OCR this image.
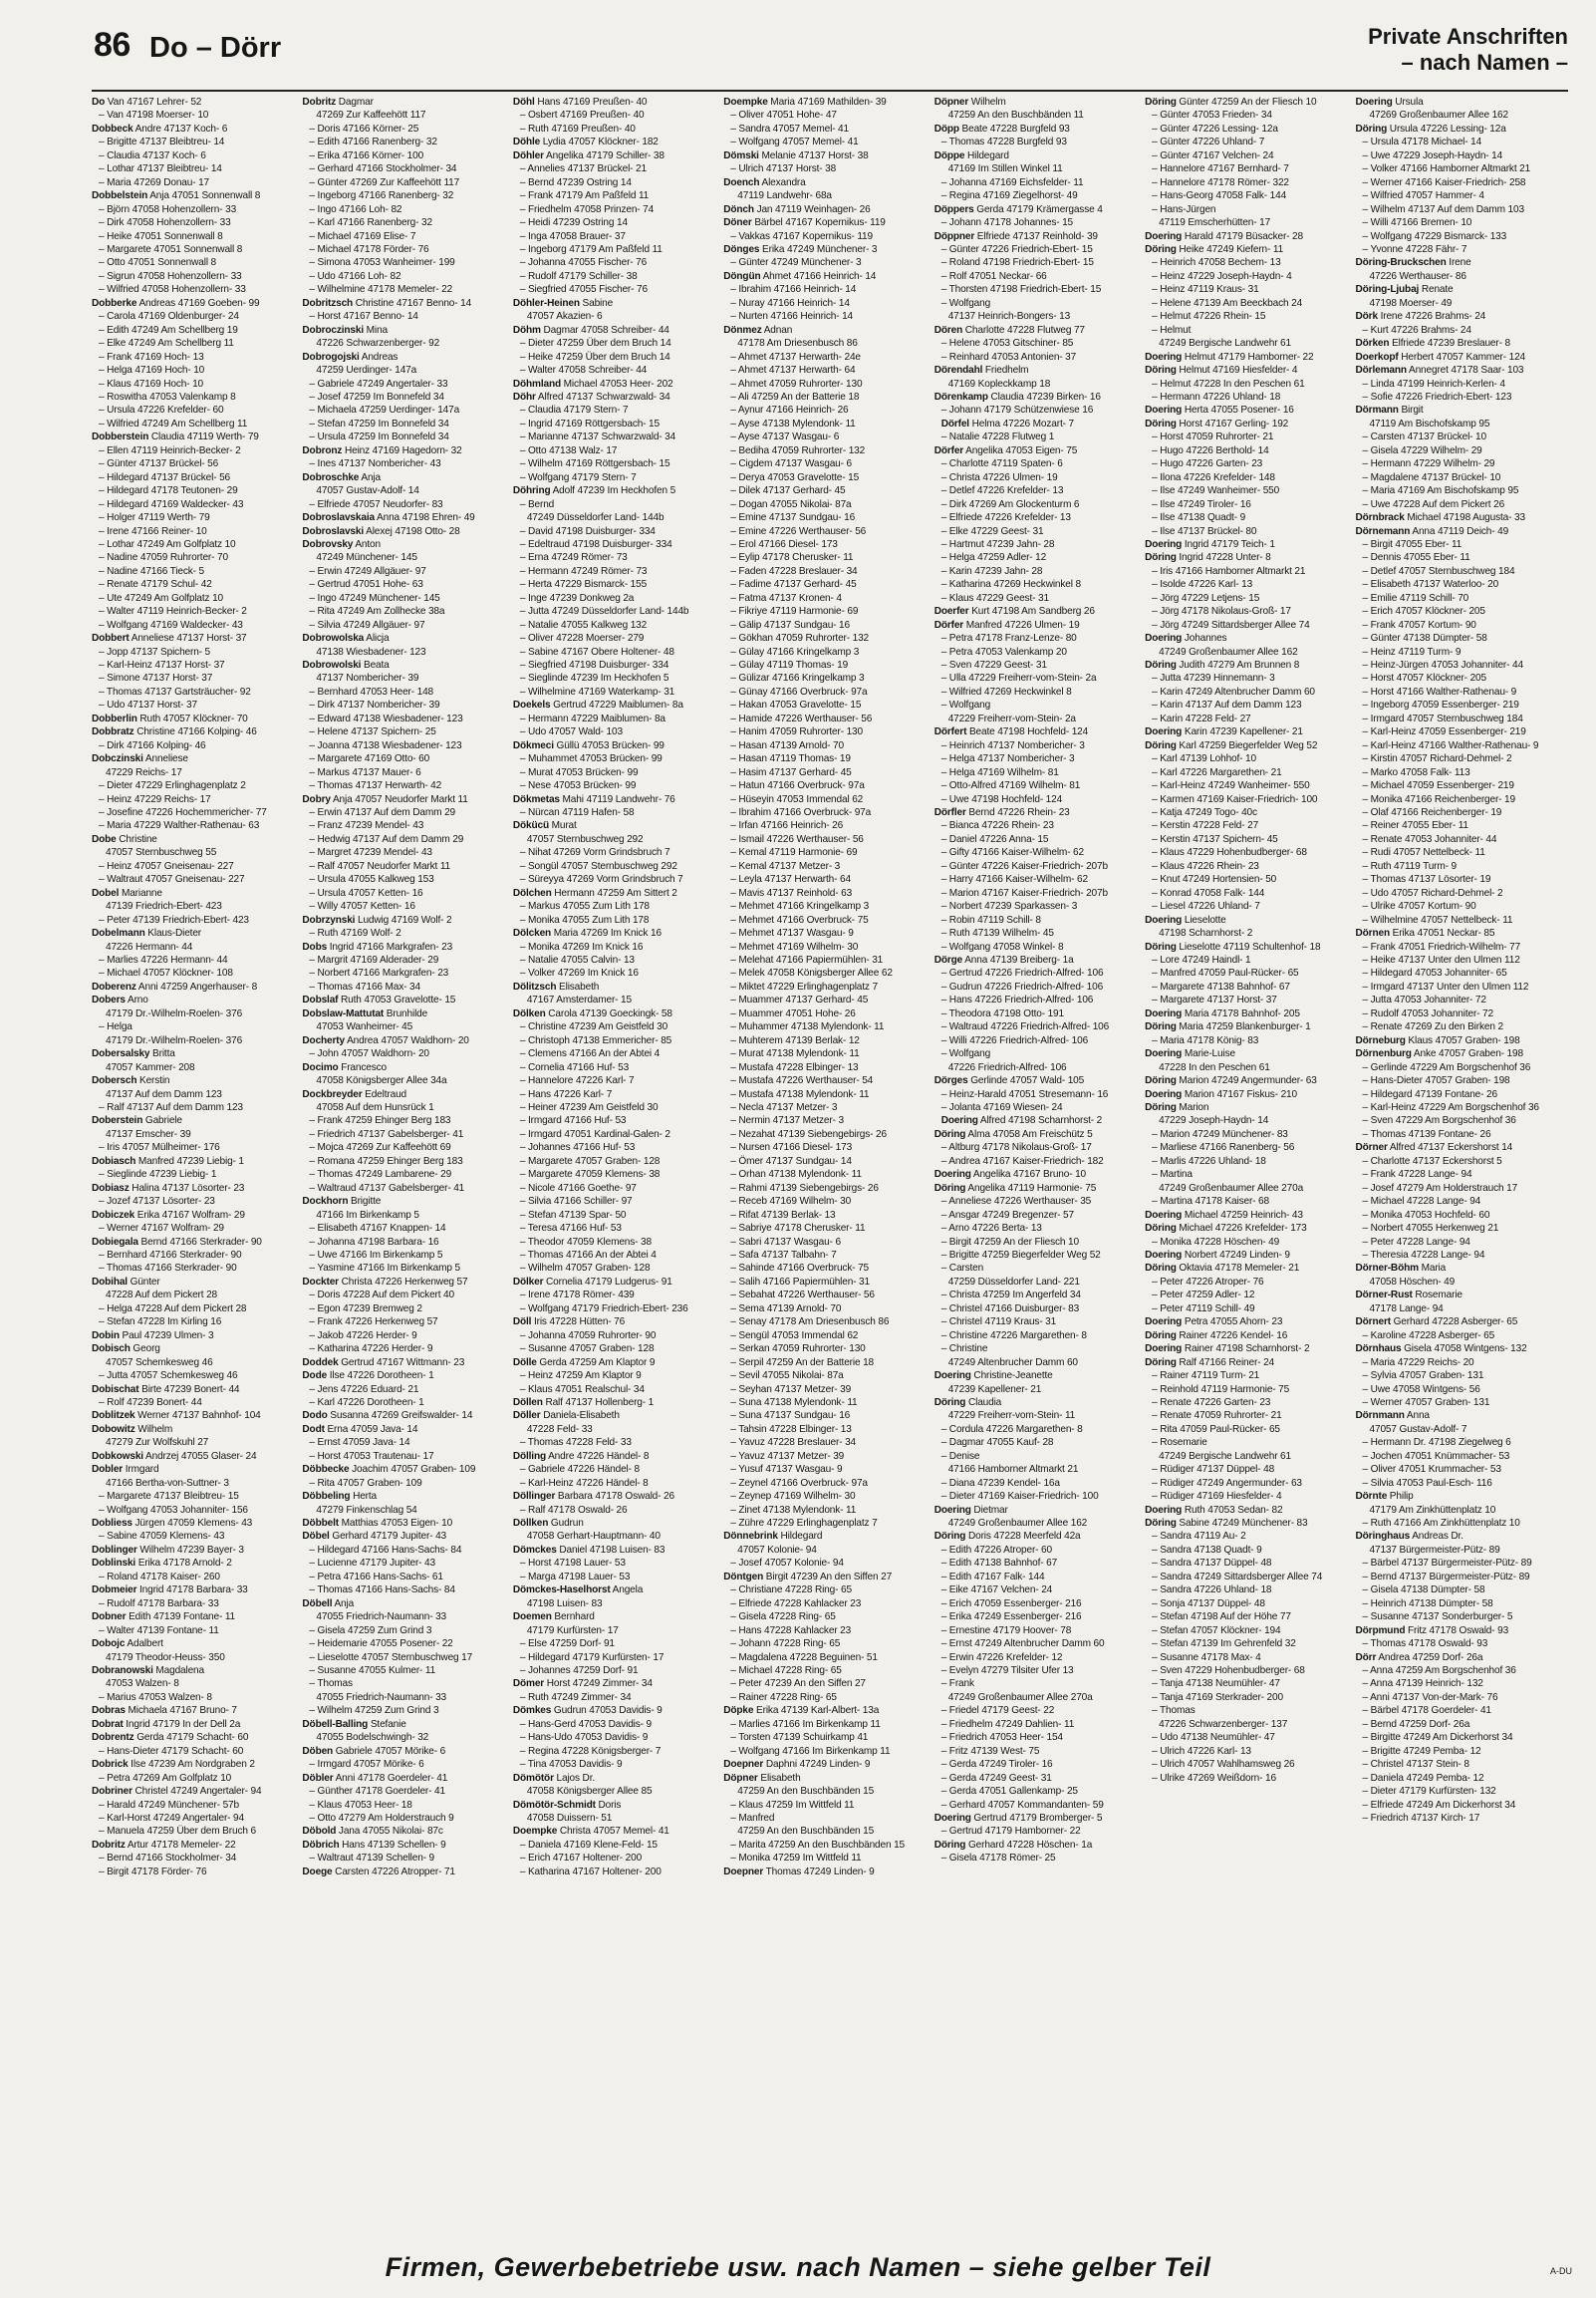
86 Do – Dörr	Private Anschriften
– nach Namen –
Do Van 47167 Lehrer- 52
– Van 47198 Moerser- 10
Dobbeck Andre 47137 Koch- 6
– Brigitte 47137 Bleibtreu- 14
– Claudia 47137 Koch- 6
– Lothar 47137 Bleibtreu- 14
– Maria 47269 Donau- 17
Dobbelstein Anja 47051 Sonnenwall 8
– Björn 47058 Hohenzollern- 33
– Dirk 47058 Hohenzollern- 33
– Heike 47051 Sonnenwall 8
– Margarete 47051 Sonnenwall 8
– Otto 47051 Sonnenwall 8
– Sigrun 47058 Hohenzollern- 33
– Wilfried 47058 Hohenzollern- 33
Dobberke Andreas 47169 Goeben- 99
– Carola 47169 Oldenburger- 24
– Edith 47249 Am Schellberg 19
– Elke 47249 Am Schellberg 11
– Frank 47169 Hoch- 13
– Helga 47169 Hoch- 10
– Klaus 47169 Hoch- 10
– Roswitha 47053 Valenkamp 8
– Ursula 47226 Krefelder- 60
– Wilfried 47249 Am Schellberg 11
Dobberstein Claudia 47119 Werth- 79
– Ellen 47119 Heinrich-Becker- 2
– Günter 47137 Brückel- 56
– Hildegard 47137 Brückel- 56
– Hildegard 47178 Teutonen- 29
– Hildegard 47169 Waldecker- 43
– Holger 47119 Werth- 79
– Irene 47166 Reiner- 10
– Lothar 47249 Am Golfplatz 10
– Nadine 47059 Ruhrorter- 70
– Nadine 47166 Tieck- 5
– Renate 47179 Schul- 42
– Ute 47249 Am Golfplatz 10
– Walter 47119 Heinrich-Becker- 2
– Wolfgang 47169 Waldecker- 43
Dobbert Anneliese 47137 Horst- 37
– Jopp 47137 Spichern- 5
– Karl-Heinz 47137 Horst- 37
– Simone 47137 Horst- 37
– Thomas 47137 Gartsträucher- 92
– Udo 47137 Horst- 37
Dobberlin Ruth 47057 Klöckner- 70
Dobbratz Christine 47166 Kolping- 46
– Dirk 47166 Kolping- 46
Dobczinski Anneliese
47229 Reichs- 17
– Dieter 47229 Erlinghagenplatz 2
– Heinz 47229 Reichs- 17
– Josefine 47226 Hochemmericher- 77
– Maria 47229 Walther-Rathenau- 63
Dobe Christine
47057 Sternbuschweg 55
– Heinz 47057 Gneisenau- 227
– Waltraut 47057 Gneisenau- 227
Dobel Marianne
47139 Friedrich-Ebert- 423
– Peter 47139 Friedrich-Ebert- 423
Dobelmann Klaus-Dieter
47226 Hermann- 44
– Marlies 47226 Hermann- 44
– Michael 47057 Klöckner- 108
Doberenz Anni 47259 Angerhauser- 8
Dobers Arno
47179 Dr.-Wilhelm-Roelen- 376
– Helga
47179 Dr.-Wilhelm-Roelen- 376
Dobersalsky Britta
47057 Kammer- 208
Dobersch Kerstin
47137 Auf dem Damm 123
– Ralf 47137 Auf dem Damm 123
Doberstein Gabriele
47137 Emscher- 39
– Iris 47057 Mülheimer- 176
Dobiasch Manfred 47239 Liebig- 1
– Sieglinde 47239 Liebig- 1
Dobiasz Halina 47137 Lösorter- 23
– Jozef 47137 Lösorter- 23
Dobiczek Erika 47167 Wolfram- 29
– Werner 47167 Wolfram- 29
Dobiegala Bernd 47166 Sterkrader- 90
– Bernhard 47166 Sterkrader- 90
– Thomas 47166 Sterkrader- 90
Dobihal Günter
47228 Auf dem Pickert 28
– Helga 47228 Auf dem Pickert 28
– Stefan 47228 Im Kirling 16
Dobin Paul 47239 Ulmen- 3
Dobisch Georg
47057 Schemkesweg 46
– Jutta 47057 Schemkesweg 46
Dobischat Birte 47239 Bonert- 44
– Rolf 47239 Bonert- 44
Doblitzek Werner 47137 Bahnhof- 104
Dobowitz Wilhelm
47279 Zur Wolfskuhl 27
Dobkowski Andrzej 47055 Glaser- 24
Dobler Irmgard
47166 Bertha-von-Suttner- 3
– Margarete 47137 Bleibtreu- 15
– Wolfgang 47053 Johanniter- 156
Dobliess Jürgen 47059 Klemens- 43
– Sabine 47059 Klemens- 43
Doblinger Wilhelm 47239 Bayer- 3
Doblinski Erika 47178 Arnold- 2
– Roland 47178 Kaiser- 260
Dobmeier Ingrid 47178 Barbara- 33
– Rudolf 47178 Barbara- 33
Dobner Edith 47139 Fontane- 11
– Walter 47139 Fontane- 11
Dobojc Adalbert
47179 Theodor-Heuss- 350
Dobranowski Magdalena
47053 Walzen- 8
– Marius 47053 Walzen- 8
Dobras Michaela 47167 Bruno- 7
Dobrat Ingrid 47179 In der Dell 2a
Dobrentz Gerda 47179 Schacht- 60
– Hans-Dieter 47179 Schacht- 60
Dobrick Ilse 47239 Am Nordgraben 2
– Petra 47269 Am Golfplatz 10
Dobriner Christel 47249 Angertaler- 94
– Harald 47249 Münchener- 57b
– Karl-Horst 47249 Angertaler- 94
– Manuela 47259 Über dem Bruch 6
Dobritz Artur 47178 Memeler- 22
– Bernd 47166 Stockholmer- 34
– Birgit 47178 Förder- 76
Dobritz Dagmar
47269 Zur Kaffeehött 117
– Doris 47166 Körner- 25
– Edith 47166 Ranenberg- 32
– Erika 47166 Körner- 100
– Gerhard 47166 Stockholmer- 34
– Günter 47269 Zur Kaffeehött 117
– Ingeborg 47166 Ranenberg- 32
– Ingo 47166 Loh- 82
– Karl 47166 Ranenberg- 32
– Michael 47169 Elise- 7
– Michael 47178 Förder- 76
– Simona 47053 Wanheimer- 199
– Udo 47166 Loh- 82
– Wilhelmine 47178 Memeler- 22
Dobritzsch Christine 47167 Benno- 14
– Horst 47167 Benno- 14
Dobroczinski Mina
47226 Schwarzenberger- 92
Dobrogojski Andreas
47259 Uerdinger- 147a
– Gabriele 47249 Angertaler- 33
– Josef 47259 Im Bonnefeld 34
– Michaela 47259 Uerdinger- 147a
– Stefan 47259 Im Bonnefeld 34
– Ursula 47259 Im Bonnefeld 34
Dobronz Heinz 47169 Hagedorn- 32
– Ines 47137 Nombericher- 43
Dobroschke Anja
47057 Gustav-Adolf- 14
– Elfriede 47057 Neudorfer- 83
Dobroslavskaia Anna 47198 Ehren- 49
Dobroslavski Alexej 47198 Otto- 28
Dobrovsky Anton
47249 Münchener- 145
– Erwin 47249 Allgäuer- 97
– Gertrud 47051 Hohe- 63
– Ingo 47249 Münchener- 145
– Rita 47249 Am Zollhecke 38a
– Silvia 47249 Allgäuer- 97
Dobrowolska Alicja
47138 Wiesbadener- 123
Dobrowolski Beata
47137 Nombericher- 39
– Bernhard 47053 Heer- 148
– Dirk 47137 Nombericher- 39
– Edward 47138 Wiesbadener- 123
– Helene 47137 Spichern- 25
– Joanna 47138 Wiesbadener- 123
– Margarete 47169 Otto- 60
– Markus 47137 Mauer- 6
– Thomas 47137 Herwarth- 42
Dobry Anja 47057 Neudorfer Markt 11
– Erwin 47137 Auf dem Damm 29
– Franz 47239 Mendel- 43
– Hedwig 47137 Auf dem Damm 29
– Margret 47239 Mendel- 43
– Ralf 47057 Neudorfer Markt 11
– Ursula 47055 Kalkweg 153
– Ursula 47057 Ketten- 16
– Willy 47057 Ketten- 16
Dobrzynski Ludwig 47169 Wolf- 2
– Ruth 47169 Wolf- 2
Dobs Ingrid 47166 Markgrafen- 23
– Margrit 47169 Alderader- 29
– Norbert 47166 Markgrafen- 23
– Thomas 47166 Max- 34
Dobslaf Ruth 47053 Gravelotte- 15
Dobslaw-Mattutat Brunhilde
47053 Wanheimer- 45
Docherty Andrea 47057 Waldhorn- 20
– John 47057 Waldhorn- 20
Docimo Francesco
47058 Königsberger Allee 34a
Dockbreyder Edeltraud
47058 Auf dem Hunsrück 1
– Frank 47259 Ehinger Berg 183
– Friedrich 47137 Gabelsberger- 41
– Mojca 47269 Zur Kaffeehött 69
– Romana 47259 Ehinger Berg 183
– Thomas 47249 Lambarene- 29
– Waltraud 47137 Gabelsberger- 41
Dockhorn Brigitte
47166 Im Birkenkamp 5
– Elisabeth 47167 Knappen- 14
– Johanna 47198 Barbara- 16
– Uwe 47166 Im Birkenkamp 5
– Yasmine 47166 Im Birkenkamp 5
Dockter Christa 47226 Herkenweg 57
– Doris 47228 Auf dem Pickert 40
– Egon 47239 Bremweg 2
– Frank 47226 Herkenweg 57
– Jakob 47226 Herder- 9
– Katharina 47226 Herder- 9
Doddek Gertrud 47167 Wittmann- 23
Dode Ilse 47226 Dorotheen- 1
– Jens 47226 Eduard- 21
– Karl 47226 Dorotheen- 1
Dodo Susanna 47269 Greifswalder- 14
Dodt Erna 47059 Java- 14
– Ernst 47059 Java- 14
– Horst 47053 Trautenau- 17
Döbbecke Joachim 47057 Graben- 109
– Rita 47057 Graben- 109
Döbbeling Herta
47279 Finkenschlag 54
Döbbelt Matthias 47053 Eigen- 10
Döbel Gerhard 47179 Jupiter- 43
– Hildegard 47166 Hans-Sachs- 84
– Lucienne 47179 Jupiter- 43
– Petra 47166 Hans-Sachs- 61
– Thomas 47166 Hans-Sachs- 84
Döbell Anja
47055 Friedrich-Naumann- 33
– Gisela 47259 Zum Grind 3
– Heidemarie 47055 Posener- 22
– Lieselotte 47057 Sternbuschweg 17
– Susanne 47055 Kulmer- 11
– Thomas
47055 Friedrich-Naumann- 33
– Wilhelm 47259 Zum Grind 3
Döbell-Balling Stefanie
47055 Bodelschwingh- 32
Döben Gabriele 47057 Mörike- 6
– Irmgard 47057 Mörike- 6
Döbler Anni 47178 Goerdeler- 41
– Günther 47178 Goerdeler- 41
– Klaus 47053 Heer- 18
– Otto 47279 Am Holderstrauch 9
Döbold Jana 47055 Nikolai- 87c
Döbrich Hans 47139 Schellen- 9
– Waltraut 47139 Schellen- 9
Doege Carsten 47226 Atropper- 71
Döhl Hans 47169 Preußen- 40
– Osbert 47169 Preußen- 40
– Ruth 47169 Preußen- 40
Döhle Lydia 47057 Klöckner- 182
Döhler Angelika 47179 Schiller- 38
– Annelies 47137 Brückel- 21
– Bernd 47239 Ostring 14
– Frank 47179 Am Paßfeld 11
– Friedhelm 47058 Prinzen- 74
– Heidi 47239 Ostring 14
– Inga 47058 Brauer- 37
– Ingeborg 47179 Am Paßfeld 11
– Johanna 47055 Fischer- 76
– Rudolf 47179 Schiller- 38
– Siegfried 47055 Fischer- 76
Döhler-Heinen Sabine
47057 Akazien- 6
Döhm Dagmar 47058 Schreiber- 44
– Dieter 47259 Über dem Bruch 14
– Heike 47259 Über dem Bruch 14
– Walter 47058 Schreiber- 44
Döhmland Michael 47053 Heer- 202
Döhr Alfred 47137 Schwarzwald- 34
– Claudia 47179 Stern- 7
– Ingrid 47169 Röttgersbach- 15
– Marianne 47137 Schwarzwald- 34
– Otto 47138 Walz- 17
– Wilhelm 47169 Röttgersbach- 15
– Wolfgang 47179 Stern- 7
Döhring Adolf 47239 Im Heckhofen 5
– Bernd
47249 Düsseldorfer Land- 144b
– David 47198 Duisburger- 334
– Edeltraud 47198 Duisburger- 334
– Erna 47249 Römer- 73
– Hermann 47249 Römer- 73
– Herta 47229 Bismarck- 155
– Inge 47239 Donkweg 2a
– Jutta 47249 Düsseldorfer Land- 144b
– Natalie 47055 Kalkweg 132
– Oliver 47228 Moerser- 279
– Sabine 47167 Obere Holtener- 48
– Siegfried 47198 Duisburger- 334
– Sieglinde 47239 Im Heckhofen 5
– Wilhelmine 47169 Waterkamp- 31
Doekels Gertrud 47229 Maiblumen- 8a
– Hermann 47229 Maiblumen- 8a
– Udo 47057 Wald- 103
Dökmeci Güllü 47053 Brücken- 99
– Muhammet 47053 Brücken- 99
– Murat 47053 Brücken- 99
– Nese 47053 Brücken- 99
Dökmetas Mahi 47119 Landwehr- 76
– Nürcan 47119 Hafen- 58
Dökücü Murat
47057 Sternbuschweg 292
– Nihat 47269 Vorm Grindsbruch 7
– Songül 47057 Sternbuschweg 292
– Süreyya 47269 Vorm Grindsbruch 7
Dölchen Hermann 47259 Am Sittert 2
– Markus 47055 Zum Lith 178
– Monika 47055 Zum Lith 178
Dölcken Maria 47269 Im Knick 16
– Monika 47269 Im Knick 16
– Natalie 47055 Calvin- 13
– Volker 47269 Im Knick 16
Dölitzsch Elisabeth
47167 Amsterdamer- 15
Dölken Carola 47139 Goeckingk- 58
– Christine 47239 Am Geistfeld 30
– Christoph 47138 Emmericher- 85
– Clemens 47166 An der Abtei 4
– Cornelia 47166 Huf- 53
– Hannelore 47226 Karl- 7
– Hans 47226 Karl- 7
– Heiner 47239 Am Geistfeld 30
– Irmgard 47166 Huf- 53
– Irmgard 47051 Kardinal-Galen- 2
– Johannes 47166 Huf- 53
– Margarete 47057 Graben- 128
– Margarete 47059 Klemens- 38
– Nicole 47166 Goethe- 97
– Silvia 47166 Schiller- 97
– Stefan 47139 Spar- 50
– Teresa 47166 Huf- 53
– Theodor 47059 Klemens- 38
– Thomas 47166 An der Abtei 4
– Wilhelm 47057 Graben- 128
Dölker Cornelia 47179 Ludgerus- 91
– Irene 47178 Römer- 439
– Wolfgang 47179 Friedrich-Ebert- 236
Döll Iris 47228 Hütten- 76
– Johanna 47059 Ruhrorter- 90
– Susanne 47057 Graben- 128
Dölle Gerda 47259 Am Klaptor 9
– Heinz 47259 Am Klaptor 9
– Klaus 47051 Realschul- 34
Döllen Ralf 47137 Hollenberg- 1
Döller Daniela-Elisabeth
47228 Feld- 33
– Thomas 47228 Feld- 33
Dölling Andre 47226 Händel- 8
– Gabriele 47226 Händel- 8
– Karl-Heinz 47226 Händel- 8
Döllinger Barbara 47178 Oswald- 26
– Ralf 47178 Oswald- 26
Döllken Gudrun
47058 Gerhart-Hauptmann- 40
Dömckes Daniel 47198 Luisen- 83
– Horst 47198 Lauer- 53
– Marga 47198 Lauer- 53
Dömckes-Haselhorst Angela
47198 Luisen- 83
Doemen Bernhard
47179 Kurfürsten- 17
– Else 47259 Dorf- 91
– Hildegard 47179 Kurfürsten- 17
– Johannes 47259 Dorf- 91
Dömer Horst 47249 Zimmer- 34
– Ruth 47249 Zimmer- 34
Dömkes Gudrun 47053 Davidis- 9
– Hans-Gerd 47053 Davidis- 9
– Hans-Udo 47053 Davidis- 9
– Regina 47228 Königsberger- 7
– Tina 47053 Davidis- 9
Dömötör Lajos Dr.
47058 Königsberger Allee 85
Dömötör-Schmidt Doris
47058 Duissern- 51
Doempke Christa 47057 Memel- 41
– Daniela 47169 Klene-Feld- 15
– Erich 47167 Holtener- 200
– Katharina 47167 Holtener- 200
Doempke Maria 47169 Mathilden- 39
– Oliver 47051 Hohe- 47
– Sandra 47057 Memel- 41
– Wolfgang 47057 Memel- 41
Dömski Melanie 47137 Horst- 38
– Ulrich 47137 Horst- 38
Doench Alexandra
47119 Landwehr- 68a
Dönch Jan 47119 Weinhagen- 26
Döner Bärbel 47167 Kopernikus- 119
– Vakkas 47167 Kopernikus- 119
Dönges Erika 47249 Münchener- 3
– Günter 47249 Münchener- 3
Döngün Ahmet 47166 Heinrich- 14
– Ibrahim 47166 Heinrich- 14
– Nuray 47166 Heinrich- 14
– Nurten 47166 Heinrich- 14
Dönmez Adnan
47178 Am Driesenbusch 86
– Ahmet 47137 Herwarth- 24e
– Ahmet 47137 Herwarth- 64
– Ahmet 47059 Ruhrorter- 130
– Ali 47259 An der Batterie 18
– Aynur 47166 Heinrich- 26
– Ayse 47138 Mylendonk- 11
– Ayse 47137 Wasgau- 6
– Bediha 47059 Ruhrorter- 132
– Cigdem 47137 Wasgau- 6
– Derya 47053 Gravelotte- 15
– Dilek 47137 Gerhard- 45
– Dogan 47055 Nikolai- 87a
– Emine 47137 Sundgau- 16
– Emine 47226 Werthauser- 56
– Erol 47166 Diesel- 173
– Eylip 47178 Cherusker- 11
– Faden 47228 Breslauer- 34
– Fadime 47137 Gerhard- 45
– Fatma 47137 Kronen- 4
– Fikriye 47119 Harmonie- 69
– Gälip 47137 Sundgau- 16
– Gökhan 47059 Ruhrorter- 132
– Gülay 47166 Kringelkamp 3
– Gülay 47119 Thomas- 19
– Gülizar 47166 Kringelkamp 3
– Günay 47166 Overbruck- 97a
– Hakan 47053 Gravelotte- 15
– Hamide 47226 Werthauser- 56
– Hanim 47059 Ruhrorter- 130
– Hasan 47139 Arnold- 70
– Hasan 47119 Thomas- 19
– Hasim 47137 Gerhard- 45
– Hatun 47166 Overbruck- 97a
– Hüseyin 47053 Immendal 62
– Ibrahim 47166 Overbruck- 97a
– Irfan 47166 Heinrich- 26
– Ismail 47226 Werthauser- 56
– Kemal 47119 Harmonie- 69
– Kemal 47137 Metzer- 3
– Leyla 47137 Herwarth- 64
– Mavis 47137 Reinhold- 63
– Mehmet 47166 Kringelkamp 3
– Mehmet 47166 Overbruck- 75
– Mehmet 47137 Wasgau- 9
– Mehmet 47169 Wilhelm- 30
– Melehat 47166 Papiermühlen- 31
– Melek 47058 Königsberger Allee 62
– Miktet 47229 Erlinghagenplatz 7
– Muammer 47137 Gerhard- 45
– Muammer 47051 Hohe- 26
– Muhammer 47138 Mylendonk- 11
– Muhterem 47139 Berlak- 12
– Murat 47138 Mylendonk- 11
– Mustafa 47228 Elbinger- 13
– Mustafa 47226 Werthauser- 54
– Mustafa 47138 Mylendonk- 11
– Necla 47137 Metzer- 3
– Nermin 47137 Metzer- 3
– Nezahat 47139 Siebengebirgs- 26
– Nursen 47166 Diesel- 173
– Ömer 47137 Sundgau- 14
– Orhan 47138 Mylendonk- 11
– Rahmi 47139 Siebengebirgs- 26
– Receb 47169 Wilhelm- 30
– Rifat 47139 Berlak- 13
– Sabriye 47178 Cherusker- 11
– Sabri 47137 Wasgau- 6
– Safa 47137 Talbahn- 7
– Sahinde 47166 Overbruck- 75
– Salih 47166 Papiermühlen- 31
– Sebahat 47226 Werthauser- 56
– Sema 47139 Arnold- 70
– Senay 47178 Am Driesenbusch 86
– Sengül 47053 Immendal 62
– Serkan 47059 Ruhrorter- 130
– Serpil 47259 An der Batterie 18
– Sevil 47055 Nikolai- 87a
– Seyhan 47137 Metzer- 39
– Suna 47138 Mylendonk- 11
– Suna 47137 Sundgau- 16
– Tahsin 47228 Elbinger- 13
– Yavuz 47228 Breslauer- 34
– Yavuz 47137 Metzer- 39
– Yusuf 47137 Wasgau- 9
– Zeynel 47166 Overbruck- 97a
– Zeynep 47169 Wilhelm- 30
– Zinet 47138 Mylendonk- 11
– Zühre 47229 Erlinghagenplatz 7
Dönnebrink Hildegard
47057 Kolonie- 94
– Josef 47057 Kolonie- 94
Döntgen Birgit 47239 An den Siffen 27
– Christiane 47228 Ring- 65
– Elfriede 47228 Kahlacker 23
– Gisela 47228 Ring- 65
– Hans 47228 Kahlacker 23
– Johann 47228 Ring- 65
– Magdalena 47228 Beguinen- 51
– Michael 47228 Ring- 65
– Peter 47239 An den Siffen 27
– Rainer 47228 Ring- 65
Döpke Erika 47139 Karl-Albert- 13a
– Marlies 47166 Im Birkenkamp 11
– Torsten 47139 Schuirkamp 41
– Wolfgang 47166 Im Birkenkamp 11
Doepner Daphni 47249 Linden- 9
Döpner Elisabeth
47259 An den Buschbänden 15
– Klaus 47259 Im Wittfeld 11
– Manfred
47259 An den Buschbänden 15
– Marita 47259 An den Buschbänden 15
– Monika 47259 Im Wittfeld 11
Doepner Thomas 47249 Linden- 9
Döpner Wilhelm
47259 An den Buschbänden 11
Döpp Beate 47228 Burgfeld 93
– Thomas 47228 Burgfeld 93
Döppe Hildegard
47169 Im Stillen Winkel 11
– Johanna 47169 Eichsfelder- 11
– Regina 47169 Ziegelhorst- 49
Döppers Gerda 47179 Krämergasse 4
– Johann 47178 Johannes- 15
Döppner Elfriede 47137 Reinhold- 39
– Günter 47226 Friedrich-Ebert- 15
– Roland 47198 Friedrich-Ebert- 15
– Rolf 47051 Neckar- 66
– Thorsten 47198 Friedrich-Ebert- 15
– Wolfgang
47137 Heinrich-Bongers- 13
Dören Charlotte 47228 Flutweg 77
– Helene 47053 Gitschiner- 85
– Reinhard 47053 Antonien- 37
Dörendahl Friedhelm
47169 Kopleckkamp 18
Dörenkamp Claudia 47239 Birken- 16
– Johann 47179 Schützenwiese 16
Dörfel Helma 47226 Mozart- 7
– Natalie 47228 Flutweg 1
Dörfer Angelika 47053 Eigen- 75
– Charlotte 47119 Spaten- 6
– Christa 47226 Ulmen- 19
– Detlef 47226 Krefelder- 13
– Dirk 47269 Am Glockenturm 6
– Elfriede 47226 Krefelder- 13
– Elke 47229 Geest- 31
– Hartmut 47239 Jahn- 28
– Helga 47259 Adler- 12
– Karin 47239 Jahn- 28
– Katharina 47269 Heckwinkel 8
– Klaus 47229 Geest- 31
Doerfer Kurt 47198 Am Sandberg 26
Dörfer Manfred 47226 Ulmen- 19
– Petra 47178 Franz-Lenze- 80
– Petra 47053 Valenkamp 20
– Sven 47229 Geest- 31
– Ulla 47229 Freiherr-vom-Stein- 2a
– Wilfried 47269 Heckwinkel 8
– Wolfgang
47229 Freiherr-vom-Stein- 2a
Dörfert Beate 47198 Hochfeld- 124
– Heinrich 47137 Nombericher- 3
– Helga 47137 Nombericher- 3
– Helga 47169 Wilhelm- 81
– Otto-Alfred 47169 Wilhelm- 81
– Uwe 47198 Hochfeld- 124
Dörfler Bernd 47226 Rhein- 23
– Bianca 47226 Rhein- 23
– Daniel 47226 Anna- 15
– Gifty 47166 Kaiser-Wilhelm- 62
– Günter 47226 Kaiser-Friedrich- 207b
– Harry 47166 Kaiser-Wilhelm- 62
– Marion 47167 Kaiser-Friedrich- 207b
– Norbert 47239 Sparkassen- 3
– Robin 47119 Schill- 8
– Ruth 47139 Wilhelm- 45
– Wolfgang 47058 Winkel- 8
Dörge Anna 47139 Breiberg- 1a
– Gertrud 47226 Friedrich-Alfred- 106
– Gudrun 47226 Friedrich-Alfred- 106
– Hans 47226 Friedrich-Alfred- 106
– Theodora 47198 Otto- 191
– Waltraud 47226 Friedrich-Alfred- 106
– Willi 47226 Friedrich-Alfred- 106
– Wolfgang
47226 Friedrich-Alfred- 106
Dörges Gerlinde 47057 Wald- 105
– Heinz-Harald 47051 Stresemann- 16
– Jolanta 47169 Wiesen- 24
Doering Alfred 47198 Scharnhorst- 2
Döring Alma 47058 Am Freischütz 5
– Altburg 47178 Nikolaus-Groß- 17
– Andrea 47167 Kaiser-Friedrich- 182
Doering Angelika 47167 Bruno- 10
Döring Angelika 47119 Harmonie- 75
– Anneliese 47226 Werthauser- 35
– Ansgar 47249 Bregenzer- 57
– Arno 47226 Berta- 13
– Birgit 47259 An der Fliesch 10
– Brigitte 47259 Biegerfelder Weg 52
– Carsten
47259 Düsseldorfer Land- 221
– Christa 47259 Im Angerfeld 34
– Christel 47166 Duisburger- 83
– Christel 47119 Kraus- 31
– Christine 47226 Margarethen- 8
– Christine
47249 Altenbrucher Damm 60
Doering Christine-Jeanette
47239 Kapellener- 21
Döring Claudia
47229 Freiherr-vom-Stein- 11
– Cordula 47226 Margarethen- 8
– Dagmar 47055 Kauf- 28
– Denise
47166 Hamborner Altmarkt 21
– Diana 47239 Kendel- 16a
– Dieter 47169 Kaiser-Friedrich- 100
Doering Dietmar
47249 Großenbaumer Allee 162
Döring Doris 47228 Meerfeld 42a
– Edith 47226 Atroper- 60
– Edith 47138 Bahnhof- 67
– Edith 47167 Falk- 144
– Eike 47167 Velchen- 24
– Erich 47059 Essenberger- 216
– Erika 47249 Essenberger- 216
– Ernestine 47179 Hoover- 78
– Ernst 47249 Altenbrucher Damm 60
– Erwin 47226 Krefelder- 12
– Evelyn 47279 Tilsiter Ufer 13
– Frank
47249 Großenbaumer Allee 270a
– Friedel 47179 Geest- 22
– Friedhelm 47249 Dahlien- 11
– Friedrich 47053 Heer- 154
– Fritz 47139 West- 75
– Gerda 47249 Tiroler- 16
– Gerda 47249 Geest- 31
– Gerda 47051 Gallenkamp- 25
– Gerhard 47057 Kommandanten- 59
Doering Gertrud 47179 Bromberger- 5
– Gertrud 47179 Hamborner- 22
Döring Gerhard 47228 Höschen- 1a
– Gisela 47178 Römer- 25
Döring Günter 47259 An der Fliesch 10
– Günter 47053 Frieden- 34
– Günter 47226 Lessing- 12a
– Günter 47226 Uhland- 7
– Günter 47167 Velchen- 24
– Hannelore 47167 Bernhard- 7
– Hannelore 47178 Römer- 322
– Hans-Georg 47058 Falk- 144
– Hans-Jürgen
47119 Emscherhütten- 17
Doering Harald 47179 Büsacker- 28
Döring Heike 47249 Kiefern- 11
– Heinrich 47058 Bechem- 13
– Heinz 47229 Joseph-Haydn- 4
– Heinz 47119 Kraus- 31
– Helene 47139 Am Beeckbach 24
– Helmut 47226 Rhein- 15
– Helmut
47249 Bergische Landwehr 61
Doering Helmut 47179 Hamborner- 22
Döring Helmut 47169 Hiesfelder- 4
– Helmut 47228 In den Peschen 61
– Hermann 47226 Uhland- 18
Doering Herta 47055 Posener- 16
Döring Horst 47167 Gerling- 192
– Horst 47059 Ruhrorter- 21
– Hugo 47226 Berthold- 14
– Hugo 47226 Garten- 23
– Ilona 47226 Krefelder- 148
– Ilse 47249 Wanheimer- 550
– Ilse 47249 Tiroler- 16
– Ilse 47138 Quadt- 9
– Ilse 47137 Brückel- 80
Doering Ingrid 47179 Teich- 1
Döring Ingrid 47228 Unter- 8
– Iris 47166 Hamborner Altmarkt 21
– Isolde 47226 Karl- 13
– Jörg 47229 Letjens- 15
– Jörg 47178 Nikolaus-Groß- 17
– Jörg 47249 Sittardsberger Allee 74
Doering Johannes
47249 Großenbaumer Allee 162
Döring Judith 47279 Am Brunnen 8
– Jutta 47239 Hinnemann- 3
– Karin 47249 Altenbrucher Damm 60
– Karin 47137 Auf dem Damm 123
– Karin 47228 Feld- 27
Doering Karin 47239 Kapellener- 21
Döring Karl 47259 Biegerfelder Weg 52
– Karl 47139 Lohhof- 10
– Karl 47226 Margarethen- 21
– Karl-Heinz 47249 Wanheimer- 550
– Karmen 47169 Kaiser-Friedrich- 100
– Katja 47249 Togo- 40c
– Kerstin 47228 Feld- 27
– Kerstin 47137 Spichern- 45
– Klaus 47229 Hohenbudberger- 68
– Klaus 47226 Rhein- 23
– Knut 47249 Hortensien- 50
– Konrad 47058 Falk- 144
– Liesel 47226 Uhland- 7
Doering Lieselotte
47198 Scharnhorst- 2
Döring Lieselotte 47119 Schultenhof- 18
– Lore 47249 Haindl- 1
– Manfred 47059 Paul-Rücker- 65
– Margarete 47138 Bahnhof- 67
– Margarete 47137 Horst- 37
Doering Maria 47178 Bahnhof- 205
Döring Maria 47259 Blankenburger- 1
– Maria 47178 König- 83
Doering Marie-Luise
47228 In den Peschen 61
Döring Marion 47249 Angermunder- 63
Doering Marion 47167 Fiskus- 210
Döring Marion
47229 Joseph-Haydn- 14
– Marion 47249 Münchener- 83
– Marliese 47166 Ranenberg- 56
– Marlis 47226 Uhland- 18
– Martina
47249 Großenbaumer Allee 270a
– Martina 47178 Kaiser- 68
Doering Michael 47259 Heinrich- 43
Döring Michael 47226 Krefelder- 173
– Monika 47228 Höschen- 49
Doering Norbert 47249 Linden- 9
Döring Oktavia 47178 Memeler- 21
– Peter 47226 Atroper- 76
– Peter 47259 Adler- 12
– Peter 47119 Schill- 49
Doering Petra 47055 Ahorn- 23
Döring Rainer 47226 Kendel- 16
Doering Rainer 47198 Scharnhorst- 2
Döring Ralf 47166 Reiner- 24
– Rainer 47119 Turm- 21
– Reinhold 47119 Harmonie- 75
– Renate 47226 Garten- 23
– Renate 47059 Ruhrorter- 21
– Rita 47059 Paul-Rücker- 65
– Rosemarie
47249 Bergische Landwehr 61
– Rüdiger 47137 Düppel- 48
– Rüdiger 47249 Angermunder- 63
– Rüdiger 47169 Hiesfelder- 4
Doering Ruth 47053 Sedan- 82
Döring Sabine 47249 Münchener- 83
– Sandra 47119 Au- 2
– Sandra 47138 Quadt- 9
– Sandra 47137 Düppel- 48
– Sandra 47249 Sittardsberger Allee 74
– Sandra 47226 Uhland- 18
– Sonja 47137 Düppel- 48
– Stefan 47198 Auf der Höhe 77
– Stefan 47057 Klöckner- 194
– Stefan 47139 Im Gehrenfeld 32
– Susanne 47178 Max- 4
– Sven 47229 Hohenbudberger- 68
– Tanja 47138 Neumühler- 47
– Tanja 47169 Sterkrader- 200
– Thomas
47226 Schwarzenberger- 137
– Udo 47138 Neumühler- 47
– Ulrich 47226 Karl- 13
– Ulrich 47057 Wahlhamsweg 26
– Ulrike 47269 Weißdorn- 16
Doering Ursula
47269 Großenbaumer Allee 162
Döring Ursula 47226 Lessing- 12a
– Ursula 47178 Michael- 14
– Uwe 47229 Joseph-Haydn- 14
– Volker 47166 Hamborner Altmarkt 21
– Werner 47166 Kaiser-Friedrich- 258
– Wilfried 47057 Hammer- 4
– Wilhelm 47137 Auf dem Damm 103
– Willi 47166 Bremen- 10
– Wolfgang 47229 Bismarck- 133
– Yvonne 47228 Fähr- 7
Döring-Bruckschen Irene
47226 Werthauser- 86
Döring-Ljubaj Renate
47198 Moerser- 49
Dörk Irene 47226 Brahms- 24
– Kurt 47226 Brahms- 24
Dörken Elfriede 47239 Breslauer- 8
Doerkopf Herbert 47057 Kammer- 124
Dörlemann Annegret 47178 Saar- 103
– Linda 47199 Heinrich-Kerlen- 4
– Sofie 47226 Friedrich-Ebert- 123
Dörmann Birgit
47119 Am Bischofskamp 95
– Carsten 47137 Brückel- 10
– Gisela 47229 Wilhelm- 29
– Hermann 47229 Wilhelm- 29
– Magdalene 47137 Brückel- 10
– Maria 47169 Am Bischofskamp 95
– Uwe 47228 Auf dem Pickert 26
Dörnbrack Michael 47198 Augusta- 33
Dörnemann Anna 47119 Deich- 49
– Birgit 47055 Eber- 11
– Dennis 47055 Eber- 11
– Detlef 47057 Sternbuschweg 184
– Elisabeth 47137 Waterloo- 20
– Emilie 47119 Schill- 70
– Erich 47057 Klöckner- 205
– Frank 47057 Kortum- 90
– Günter 47138 Dümpter- 58
– Heinz 47119 Turm- 9
– Heinz-Jürgen 47053 Johanniter- 44
– Horst 47057 Klöckner- 205
– Horst 47166 Walther-Rathenau- 9
– Ingeborg 47059 Essenberger- 219
– Irmgard 47057 Sternbuschweg 184
– Karl-Heinz 47059 Essenberger- 219
– Karl-Heinz 47166 Walther-Rathenau- 9
– Kirstin 47057 Richard-Dehmel- 2
– Marko 47058 Falk- 113
– Michael 47059 Essenberger- 219
– Monika 47166 Reichenberger- 19
– Olaf 47166 Reichenberger- 19
– Reiner 47055 Eber- 11
– Renate 47053 Johanniter- 44
– Rudi 47057 Nettelbeck- 11
– Ruth 47119 Turm- 9
– Thomas 47137 Lösorter- 19
– Udo 47057 Richard-Dehmel- 2
– Ulrike 47057 Kortum- 90
– Wilhelmine 47057 Nettelbeck- 11
Dörnen Erika 47051 Neckar- 85
– Frank 47051 Friedrich-Wilhelm- 77
– Heike 47137 Unter den Ulmen 112
– Hildegard 47053 Johanniter- 65
– Irmgard 47137 Unter den Ulmen 112
– Jutta 47053 Johanniter- 72
– Rudolf 47053 Johanniter- 72
– Renate 47269 Zu den Birken 2
Dörneburg Klaus 47057 Graben- 198
Dörnenburg Anke 47057 Graben- 198
– Gerlinde 47229 Am Borgschenhof 36
– Hans-Dieter 47057 Graben- 198
– Hildegard 47139 Fontane- 26
– Karl-Heinz 47229 Am Borgschenhof 36
– Sven 47229 Am Borgschenhof 36
– Thomas 47139 Fontane- 26
Dörner Alfred 47137 Eckershorst 14
– Charlotte 47137 Eckershorst 5
– Frank 47228 Lange- 94
– Josef 47279 Am Holderstrauch 17
– Michael 47228 Lange- 94
– Monika 47053 Hochfeld- 60
– Norbert 47055 Herkenweg 21
– Peter 47228 Lange- 94
– Theresia 47228 Lange- 94
Dörner-Böhm Maria
47058 Höschen- 49
Dörner-Rust Rosemarie
47178 Lange- 94
Dörnert Gerhard 47228 Asberger- 65
– Karoline 47228 Asberger- 65
Dörnhaus Gisela 47058 Wintgens- 132
– Maria 47229 Reichs- 20
– Sylvia 47057 Graben- 131
– Uwe 47058 Wintgens- 56
– Werner 47057 Graben- 131
Dörnmann Anna
47057 Gustav-Adolf- 7
– Hermann Dr. 47198 Ziegelweg 6
– Jochen 47051 Knümmacher- 53
– Oliver 47051 Krummacher- 53
– Silvia 47053 Paul-Esch- 116
Dörnte Philip
47179 Am Zinkhüttenplatz 10
– Ruth 47166 Am Zinkhüttenplatz 10
Döringhaus Andreas Dr.
47137 Bürgermeister-Pütz- 89
– Bärbel 47137 Bürgermeister-Pütz- 89
– Bernd 47137 Bürgermeister-Pütz- 89
– Gisela 47138 Dümpter- 58
– Heinrich 47138 Dümpter- 58
– Susanne 47137 Sonderburger- 5
Dörpmund Fritz 47178 Oswald- 93
– Thomas 47178 Oswald- 93
Dörr Andrea 47259 Dorf- 26a
– Anna 47259 Am Borgschenhof 36
– Anna 47139 Heinrich- 132
– Anni 47137 Von-der-Mark- 76
– Bärbel 47178 Goerdeler- 41
– Bernd 47259 Dorf- 26a
– Birgitte 47249 Am Dickerhorst 34
– Brigitte 47249 Pemba- 12
– Christel 47137 Stein- 8
– Daniela 47249 Pemba- 12
– Dieter 47179 Kurfürsten- 132
– Elfriede 47249 Am Dickerhorst 34
– Friedrich 47137 Kirch- 17
Firmen, Gewerbebetriebe usw. nach Namen – siehe gelber Teil	A-DU
